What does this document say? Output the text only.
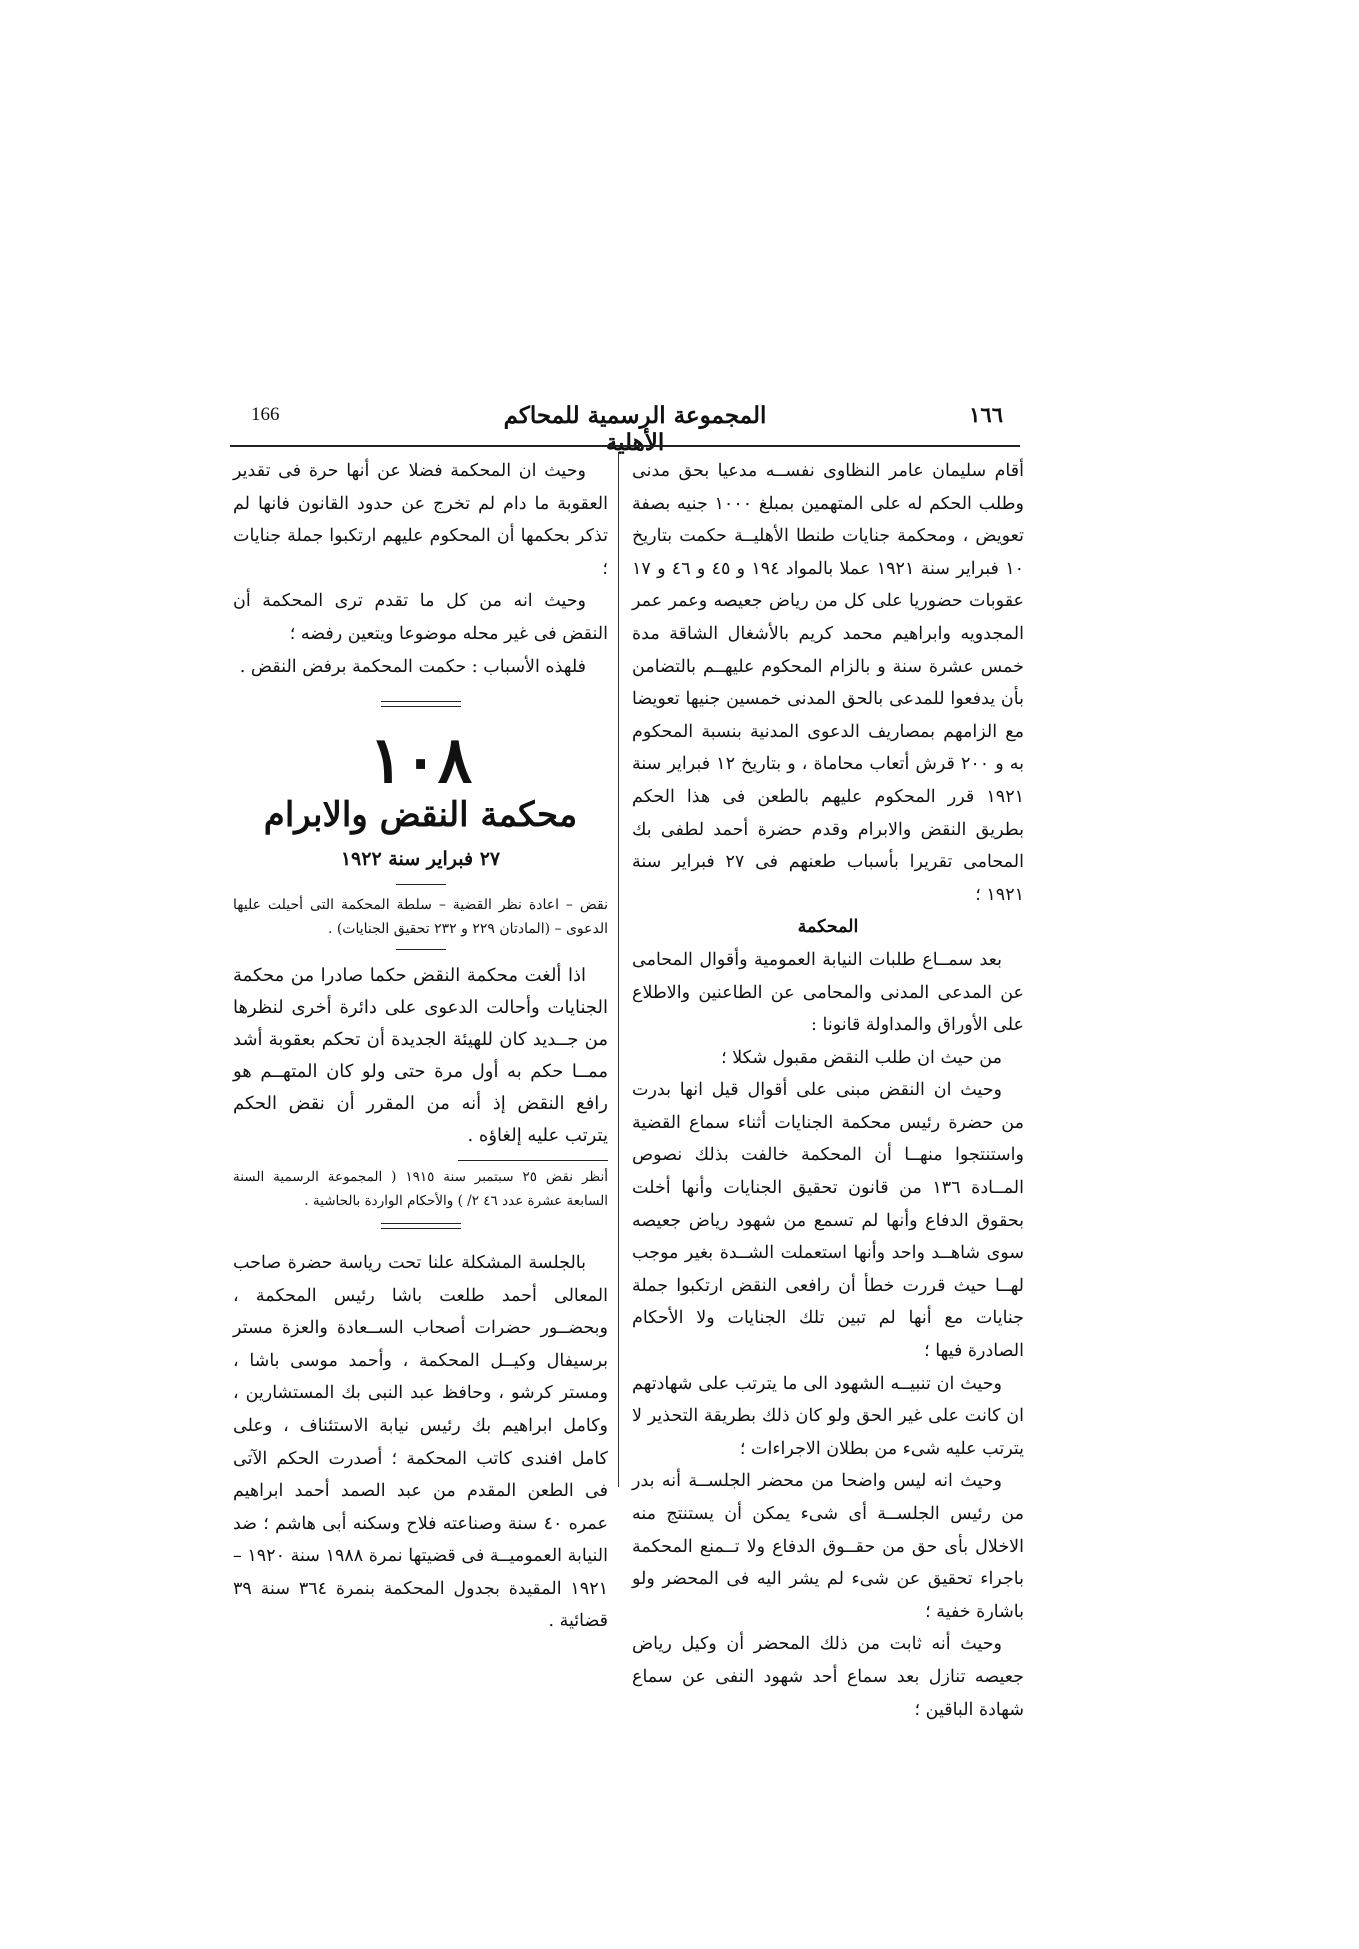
166	المجموعة الرسمية للمحاكم الأهلية
١٦٦

أقام سليمان عامر النظاوى نفســه مدعيا بحق مدنى وطلب الحكم له على المتهمين بمبلغ ١٠٠٠ جنيه بصفة تعويض ، ومحكمة جنايات طنطا الأهليــة حكمت بتاريخ ١٠ فبراير سنة ١٩٢١ عملا بالمواد ١٩٤ و ٤٥ و ٤٦ و ١٧ عقوبات حضوريا على كل من رياض جعيصه وعمر عمر المجدويه وابراهيم محمد كريم بالأشغال الشاقة مدة خمس عشرة سنة و بالزام المحكوم عليهــم بالتضامن بأن يدفعوا للمدعى بالحق المدنى خمسين جنيها تعويضا مع الزامهم بمصاريف الدعوى المدنية بنسبة المحكوم به و ٢٠٠ قرش أتعاب محاماة ، و بتاريخ ١٢ فبراير سنة ١٩٢١ قرر المحكوم عليهم بالطعن فى هذا الحكم بطريق النقض والابرام وقدم حضرة أحمد لطفى بك المحامى تقريرا بأسباب طعنهم فى ٢٧ فبراير سنة ١٩٢١ ؛

المحكمة

بعد سمــاع طلبات النيابة العمومية وأقوال المحامى عن المدعى المدنى والمحامى عن الطاعنين والاطلاع على الأوراق والمداولة قانونا :

من حيث ان طلب النقض مقبول شكلا ؛

وحيث ان النقض مبنى على أقوال قيل انها بدرت من حضرة رئيس محكمة الجنايات أثناء سماع القضية واستنتجوا منهــا أن المحكمة خالفت بذلك نصوص المــادة ١٣٦ من قانون تحقيق الجنايات وأنها أخلت بحقوق الدفاع وأنها لم تسمع من شهود رياض جعيصه سوى شاهــد واحد وأنها استعملت الشــدة بغير موجب لهــا حيث قررت خطأ أن رافعى النقض ارتكبوا جملة جنايات مع أنها لم تبين تلك الجنايات ولا الأحكام الصادرة فيها ؛

وحيث ان تنبيــه الشهود الى ما يترتب على شهادتهم ان كانت على غير الحق ولو كان ذلك بطريقة التحذير لا يترتب عليه شىء من بطلان الاجراءات ؛

وحيث انه ليس واضحا من محضر الجلســة أنه بدر من رئيس الجلســة أى شىء يمكن أن يستنتج منه الاخلال بأى حق من حقــوق الدفاع ولا تــمنع المحكمة باجراء تحقيق عن شىء لم يشر اليه فى المحضر ولو باشارة خفية ؛

وحيث أنه ثابت من ذلك المحضر أن وكيل رياض جعيصه تنازل بعد سماع أحد شهود النفى عن سماع شهادة الباقين ؛

وحيث ان المحكمة فضلا عن أنها حرة فى تقدير العقوبة ما دام لم تخرج عن حدود القانون فانها لم تذكر بحكمها أن المحكوم عليهم ارتكبوا جملة جنايات ؛

وحيث انه من كل ما تقدم ترى المحكمة أن النقض فى غير محله موضوعا ويتعين رفضه ؛

فلهذه الأسباب : حكمت المحكمة برفض النقض .

١٠٨

محكمة النقض والابرام

٢٧ فبراير سنة ١٩٢٢

نقض – اعادة نظر القضية – سلطة المحكمة التى أحيلت عليها الدعوى – (المادتان ٢٢٩ و ٢٣٢ تحقيق الجنايات) .

اذا ألغت محكمة النقض حكما صادرا من محكمة الجنايات وأحالت الدعوى على دائرة أخرى لنظرها من جــديد كان للهيئة الجديدة أن تحكم بعقوبة أشد ممــا حكم به أول مرة حتى ولو كان المتهــم هو رافع النقض إذ أنه من المقرر أن نقض الحكم يترتب عليه إلغاؤه .

أنظر نقض ٢٥ سبتمبر سنة ١٩١٥ ( المجموعة الرسمية السنة السابعة عشرة عدد ٤٦ ٢/ ) والأحكام الواردة بالحاشية .

بالجلسة المشكلة علنا تحت رياسة حضرة صاحب المعالى أحمد طلعت باشا رئيس المحكمة ، وبحضــور حضرات أصحاب الســعادة والعزة مستر برسيفال وكيــل المحكمة ، وأحمد موسى باشا ، ومستر كرشو ، وحافظ عبد النبى بك المستشارين ، وكامل ابراهيم بك رئيس نيابة الاستئناف ، وعلى كامل افندى كاتب المحكمة ؛ أصدرت الحكم الآتى فى الطعن المقدم من عبد الصمد أحمد ابراهيم عمره ٤٠ سنة وصناعته فلاح وسكنه أبى هاشم ؛ ضد النيابة العموميــة فى قضيتها نمرة ١٩٨٨ سنة ١٩٢٠ – ١٩٢١ المقيدة بجدول المحكمة بنمرة ٣٦٤ سنة ٣٩ قضائية .
